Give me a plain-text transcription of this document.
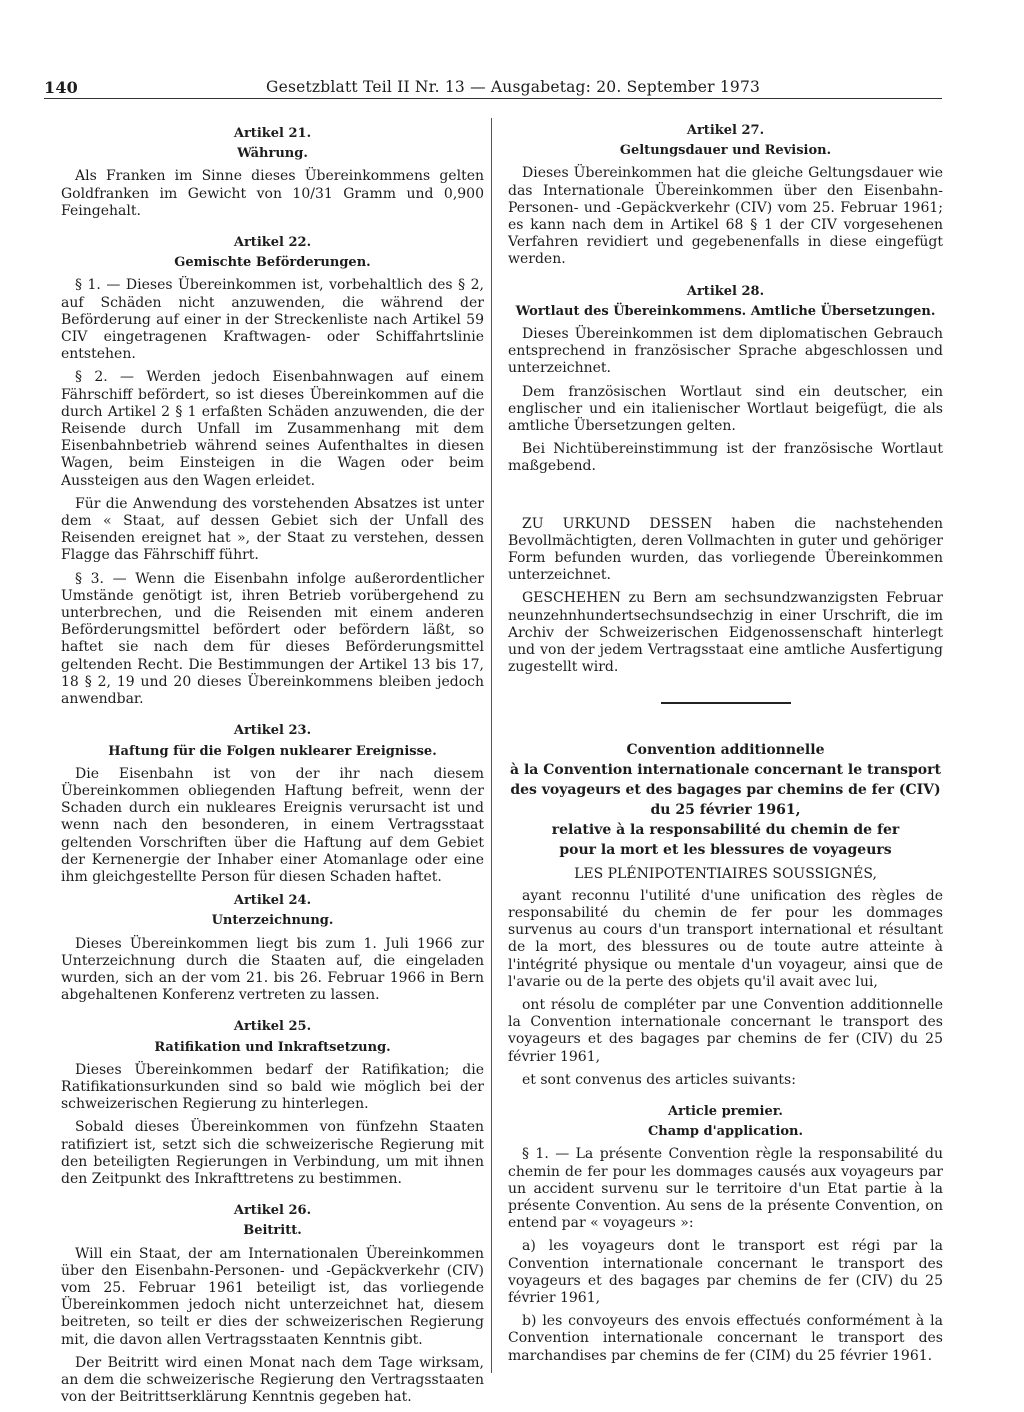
140	Gesetzblatt Teil II Nr. 13 — Ausgabetag: 20. September 1973

Artikel 21.

Währung.

Als Franken im Sinne dieses Übereinkommens gelten Goldfranken im Gewicht von 10/31 Gramm und 0,900 Feingehalt.

Artikel 22.

Gemischte Beförderungen.

§ 1. — Dieses Übereinkommen ist, vorbehaltlich des § 2, auf Schäden nicht anzuwenden, die während der Beförderung auf einer in der Streckenliste nach Artikel 59 CIV eingetragenen Kraftwagen- oder Schiffahrtslinie entstehen.

§ 2. — Werden jedoch Eisenbahnwagen auf einem Fährschiff befördert, so ist dieses Übereinkommen auf die durch Artikel 2 § 1 erfaßten Schäden anzuwenden, die der Reisende durch Unfall im Zusammenhang mit dem Eisenbahnbetrieb während seines Aufenthaltes in diesen Wagen, beim Einsteigen in die Wagen oder beim Aussteigen aus den Wagen erleidet.

Für die Anwendung des vorstehenden Absatzes ist unter dem « Staat, auf dessen Gebiet sich der Unfall des Reisenden ereignet hat », der Staat zu verstehen, dessen Flagge das Fährschiff führt.

§ 3. — Wenn die Eisenbahn infolge außerordentlicher Umstände genötigt ist, ihren Betrieb vorübergehend zu unterbrechen, und die Reisenden mit einem anderen Beförderungsmittel befördert oder befördern läßt, so haftet sie nach dem für dieses Beförderungsmittel geltenden Recht. Die Bestimmungen der Artikel 13 bis 17, 18 § 2, 19 und 20 dieses Übereinkommens bleiben jedoch anwendbar.

Artikel 23.

Haftung für die Folgen nuklearer Ereignisse.

Die Eisenbahn ist von der ihr nach diesem Übereinkommen obliegenden Haftung befreit, wenn der Schaden durch ein nukleares Ereignis verursacht ist und wenn nach den besonderen, in einem Vertragsstaat geltenden Vorschriften über die Haftung auf dem Gebiet der Kernenergie der Inhaber einer Atomanlage oder eine ihm gleichgestellte Person für diesen Schaden haftet.

Artikel 24.

Unterzeichnung.

Dieses Übereinkommen liegt bis zum 1. Juli 1966 zur Unterzeichnung durch die Staaten auf, die eingeladen wurden, sich an der vom 21. bis 26. Februar 1966 in Bern abgehaltenen Konferenz vertreten zu lassen.

Artikel 25.

Ratifikation und Inkraftsetzung.

Dieses Übereinkommen bedarf der Ratifikation; die Ratifikationsurkunden sind so bald wie möglich bei der schweizerischen Regierung zu hinterlegen.

Sobald dieses Übereinkommen von fünfzehn Staaten ratifiziert ist, setzt sich die schweizerische Regierung mit den beteiligten Regierungen in Verbindung, um mit ihnen den Zeitpunkt des Inkrafttretens zu bestimmen.

Artikel 26.

Beitritt.

Will ein Staat, der am Internationalen Übereinkommen über den Eisenbahn-Personen- und -Gepäckverkehr (CIV) vom 25. Februar 1961 beteiligt ist, das vorliegende Übereinkommen jedoch nicht unterzeichnet hat, diesem beitreten, so teilt er dies der schweizerischen Regierung mit, die davon allen Vertragsstaaten Kenntnis gibt.

Der Beitritt wird einen Monat nach dem Tage wirksam, an dem die schweizerische Regierung den Vertragsstaaten von der Beitrittserklärung Kenntnis gegeben hat.

Artikel 27.

Geltungsdauer und Revision.

Dieses Übereinkommen hat die gleiche Geltungsdauer wie das Internationale Übereinkommen über den Eisenbahn-Personen- und -Gepäckverkehr (CIV) vom 25. Februar 1961; es kann nach dem in Artikel 68 § 1 der CIV vorgesehenen Verfahren revidiert und gegebenenfalls in diese eingefügt werden.

Artikel 28.

Wortlaut des Übereinkommens. Amtliche Übersetzungen.

Dieses Übereinkommen ist dem diplomatischen Gebrauch entsprechend in französischer Sprache abgeschlossen und unterzeichnet.

Dem französischen Wortlaut sind ein deutscher, ein englischer und ein italienischer Wortlaut beigefügt, die als amtliche Übersetzungen gelten.

Bei Nichtübereinstimmung ist der französische Wortlaut maßgebend.

ZU URKUND DESSEN haben die nachstehenden Bevollmächtigten, deren Vollmachten in guter und gehöriger Form befunden wurden, das vorliegende Übereinkommen unterzeichnet.

GESCHEHEN zu Bern am sechsundzwanzigsten Februar neunzehnhundertsechsundsechzig in einer Urschrift, die im Archiv der Schweizerischen Eidgenossenschaft hinterlegt und von der jedem Vertragsstaat eine amtliche Ausfertigung zugestellt wird.

Convention additionnelle

à la Convention internationale concernant le transport

des voyageurs et des bagages par chemins de fer (CIV)

du 25 février 1961,

relative à la responsabilité du chemin de fer

pour la mort et les blessures de voyageurs

LES PLÉNIPOTENTIAIRES SOUSSIGNÉS,

ayant reconnu l'utilité d'une unification des règles de responsabilité du chemin de fer pour les dommages survenus au cours d'un transport international et résultant de la mort, des blessures ou de toute autre atteinte à l'intégrité physique ou mentale d'un voyageur, ainsi que de l'avarie ou de la perte des objets qu'il avait avec lui,

ont résolu de compléter par une Convention additionnelle la Convention internationale concernant le transport des voyageurs et des bagages par chemins de fer (CIV) du 25 février 1961,

et sont convenus des articles suivants:

Article premier.

Champ d'application.

§ 1. — La présente Convention règle la responsabilité du chemin de fer pour les dommages causés aux voyageurs par un accident survenu sur le territoire d'un Etat partie à la présente Convention. Au sens de la présente Convention, on entend par « voyageurs »:

a) les voyageurs dont le transport est régi par la Convention internationale concernant le transport des voyageurs et des bagages par chemins de fer (CIV) du 25 février 1961,

b) les convoyeurs des envois effectués conformément à la Convention internationale concernant le transport des marchandises par chemins de fer (CIM) du 25 février 1961.
